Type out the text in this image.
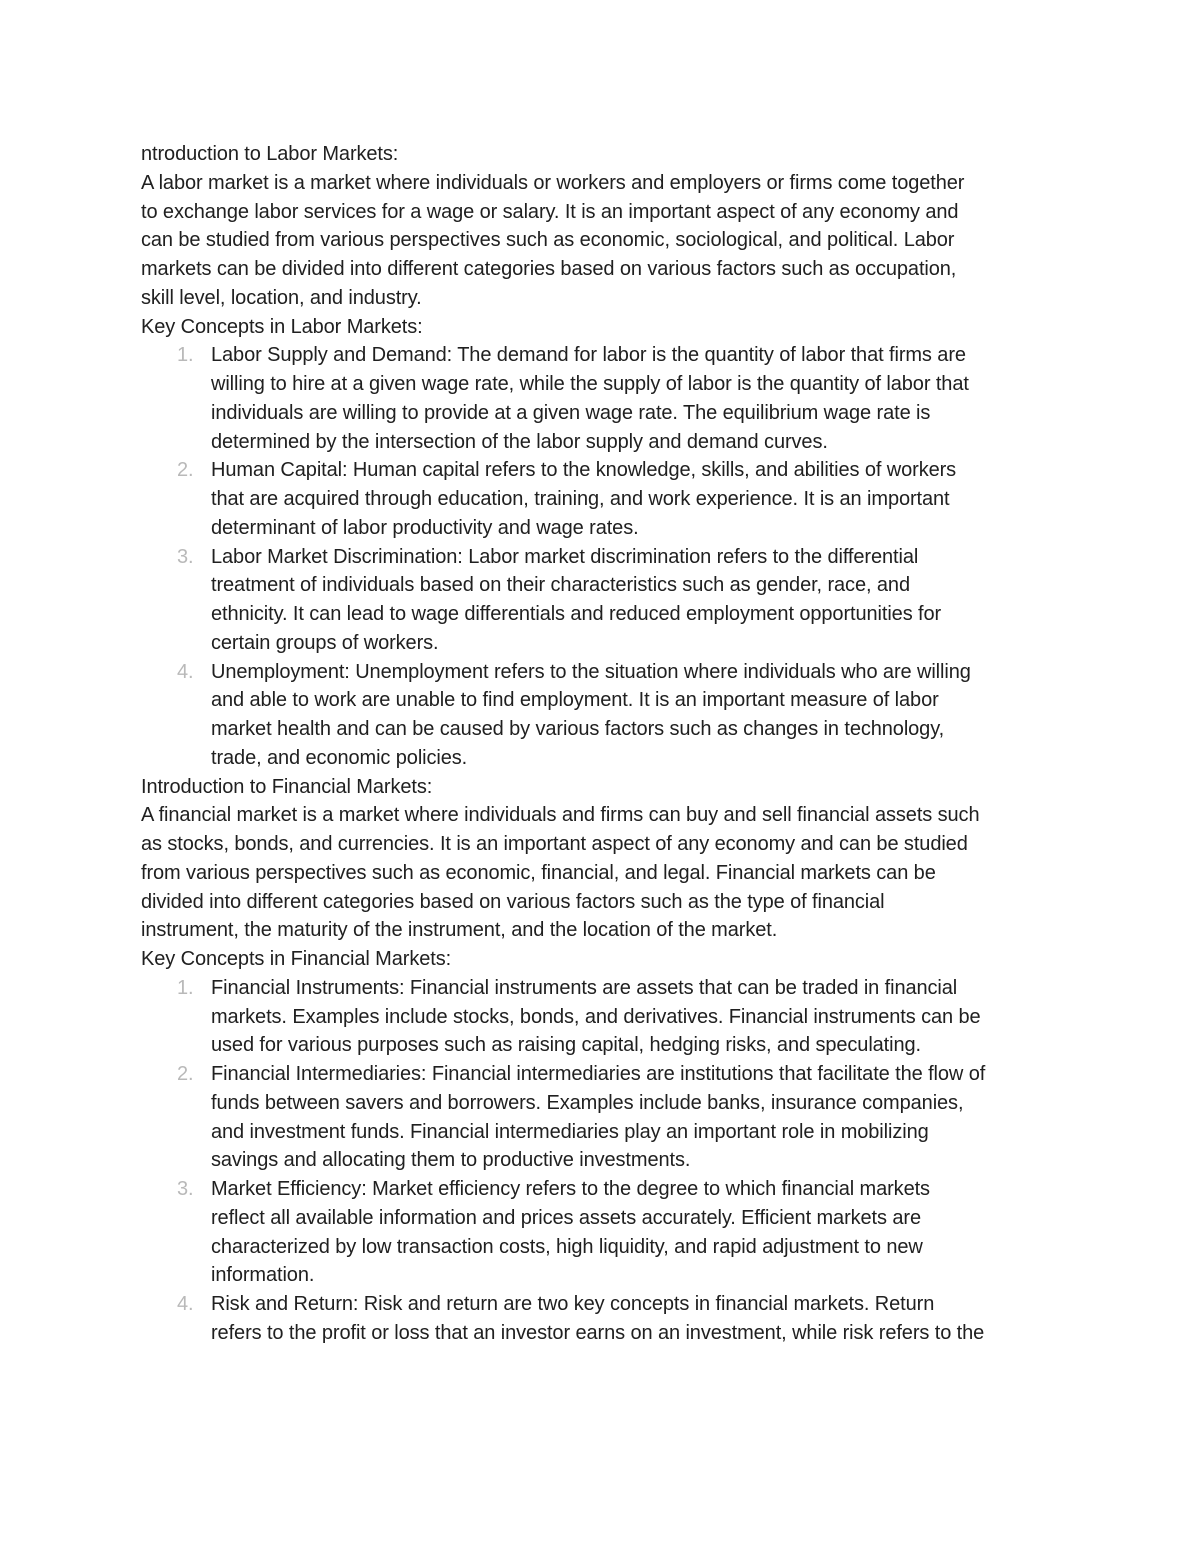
ntroduction to Labor Markets:
A labor market is a market where individuals or workers and employers or firms come together
to exchange labor services for a wage or salary. It is an important aspect of any economy and
can be studied from various perspectives such as economic, sociological, and political. Labor
markets can be divided into different categories based on various factors such as occupation,
skill level, location, and industry.
Key Concepts in Labor Markets:
1. Labor Supply and Demand: The demand for labor is the quantity of labor that firms are
willing to hire at a given wage rate, while the supply of labor is the quantity of labor that
individuals are willing to provide at a given wage rate. The equilibrium wage rate is
determined by the intersection of the labor supply and demand curves.
2. Human Capital: Human capital refers to the knowledge, skills, and abilities of workers
that are acquired through education, training, and work experience. It is an important
determinant of labor productivity and wage rates.
3. Labor Market Discrimination: Labor market discrimination refers to the differential
treatment of individuals based on their characteristics such as gender, race, and
ethnicity. It can lead to wage differentials and reduced employment opportunities for
certain groups of workers.
4. Unemployment: Unemployment refers to the situation where individuals who are willing
and able to work are unable to find employment. It is an important measure of labor
market health and can be caused by various factors such as changes in technology,
trade, and economic policies.
Introduction to Financial Markets:
A financial market is a market where individuals and firms can buy and sell financial assets such
as stocks, bonds, and currencies. It is an important aspect of any economy and can be studied
from various perspectives such as economic, financial, and legal. Financial markets can be
divided into different categories based on various factors such as the type of financial
instrument, the maturity of the instrument, and the location of the market.
Key Concepts in Financial Markets:
1. Financial Instruments: Financial instruments are assets that can be traded in financial
markets. Examples include stocks, bonds, and derivatives. Financial instruments can be
used for various purposes such as raising capital, hedging risks, and speculating.
2. Financial Intermediaries: Financial intermediaries are institutions that facilitate the flow of
funds between savers and borrowers. Examples include banks, insurance companies,
and investment funds. Financial intermediaries play an important role in mobilizing
savings and allocating them to productive investments.
3. Market Efficiency: Market efficiency refers to the degree to which financial markets
reflect all available information and prices assets accurately. Efficient markets are
characterized by low transaction costs, high liquidity, and rapid adjustment to new
information.
4. Risk and Return: Risk and return are two key concepts in financial markets. Return
refers to the profit or loss that an investor earns on an investment, while risk refers to the
